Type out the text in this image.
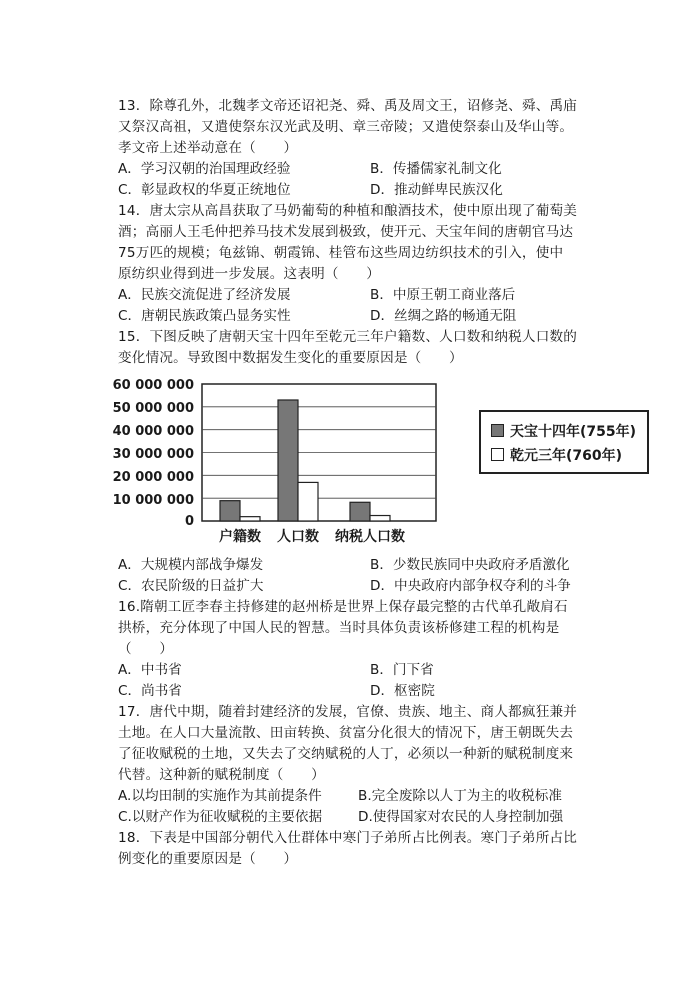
13．除尊孔外，北魏孝文帝还诏祀尧、舜、禹及周文王，诏修尧、舜、禹庙
又祭汉高祖，又遣使祭东汉光武及明、章三帝陵；又遣使祭泰山及华山等。
孝文帝上述举动意在（　　）
A．学习汉朝的治国理政经验	B．传播儒家礼制文化
C．彰显政权的华夏正统地位	D．推动鲜卑民族汉化
14．唐太宗从高昌获取了马奶葡萄的种植和酿酒技术，使中原出现了葡萄美
酒；高丽人王毛仲把养马技术发展到极致，使开元、天宝年间的唐朝官马达
75万匹的规模；龟兹锦、朝霞锦、桂管布这些周边纺织技术的引入，使中
原纺织业得到进一步发展。这表明（　　）
A．民族交流促进了经济发展	B．中原王朝工商业落后
C．唐朝民族政策凸显务实性	D．丝绸之路的畅通无阻
15．下图反映了唐朝天宝十四年至乾元三年户籍数、人口数和纳税人口数的
变化情况。导致图中数据发生变化的重要原因是（　　）
60 000 000
50 000 000
40 000 000
30 000 000
20 000 000
10 000 000
0
户籍数 人口数 纳税人口数
天宝十四年(755年)
乾元三年(760年)
A．大规模内部战争爆发	B．少数民族同中央政府矛盾激化
C．农民阶级的日益扩大	D．中央政府内部争权夺利的斗争
16.隋朝工匠李春主持修建的赵州桥是世界上保存最完整的古代单孔敞肩石
拱桥，充分体现了中国人民的智慧。当时具体负责该桥修建工程的机构是
（　　）
A．中书省	B．门下省
C．尚书省	D．枢密院
17．唐代中期，随着封建经济的发展，官僚、贵族、地主、商人都疯狂兼并
土地。在人口大量流散、田亩转换、贫富分化很大的情况下，唐王朝既失去
了征收赋税的土地，又失去了交纳赋税的人丁，必须以一种新的赋税制度来
代替。这种新的赋税制度（　　）
A.以均田制的实施作为其前提条件	B.完全废除以人丁为主的收税标准
C.以财产作为征收赋税的主要依据	D.使得国家对农民的人身控制加强
18．下表是中国部分朝代入仕群体中寒门子弟所占比例表。寒门子弟所占比
例变化的重要原因是（　　）
